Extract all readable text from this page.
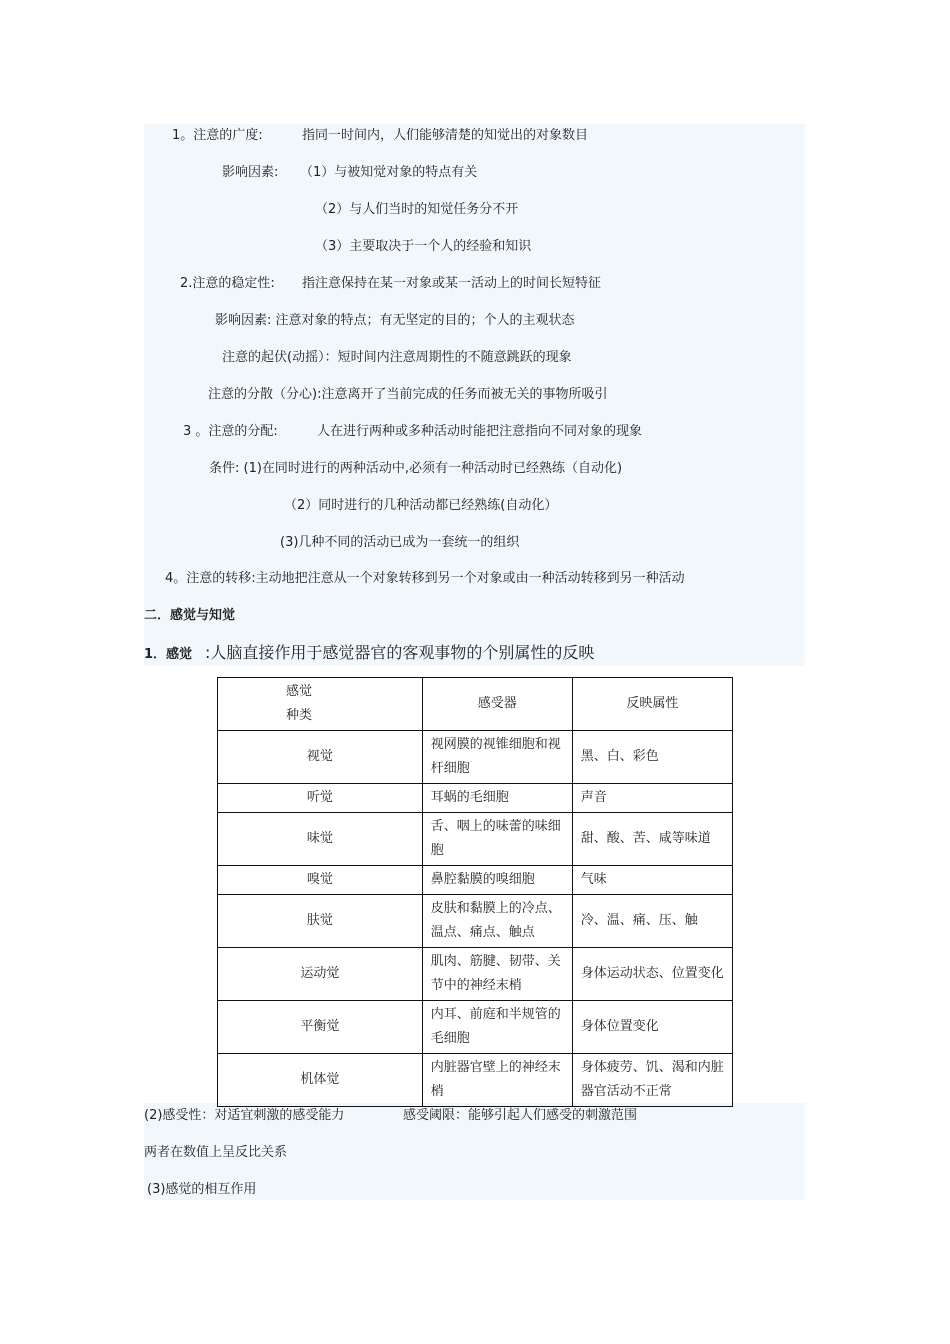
1。注意的广度:	指同一时间内，人们能够清楚的知觉出的对象数目
影响因素: （1）与被知觉对象的特点有关
（2）与人们当时的知觉任务分不开
（3）主要取决于一个人的经验和知识
2.注意的稳定性: 指注意保持在某一对象或某一活动上的时间长短特征
影响因素: 注意对象的特点；有无坚定的目的；个人的主观状态
注意的起伏(动摇）：短时间内注意周期性的不随意跳跃的现象
注意的分散（分心):注意离开了当前完成的任务而被无关的事物所吸引
3 。注意的分配:	人在进行两种或多种活动时能把注意指向不同对象的现象
条件: (1)在同时进行的两种活动中,必须有一种活动时已经熟练（自动化)
（2）同时进行的几种活动都已经熟练(自动化）
(3)几种不同的活动已成为一套统一的组织
4。注意的转移:主动地把注意从一个对象转移到另一个对象或由一种活动转移到另一种活动
二．感觉与知觉
1．感觉 :人脑直接作用于感觉器官的客观事物的个别属性的反映
感觉
种类	感受器	反映属性
视觉	视网膜的视锥细胞和视杆细胞	黑、白、彩色
听觉	耳蜗的毛细胞	声音
味觉	舌、咽上的味蕾的味细胞	甜、酸、苦、咸等味道
嗅觉	鼻腔黏膜的嗅细胞	气味
肤觉	皮肤和黏膜上的冷点、温点、痛点、触点	冷、温、痛、压、触
运动觉	肌肉、筋腱、韧带、关节中的神经末梢	身体运动状态、位置变化
平衡觉	内耳、前庭和半规管的毛细胞	身体位置变化
机体觉	内脏器官壁上的神经末梢	身体疲劳、饥、渴和内脏器官活动不正常
(2)感受性：对适宜刺激的感受能力	感受阈限：能够引起人们感受的刺激范围
两者在数值上呈反比关系
(3)感觉的相互作用
